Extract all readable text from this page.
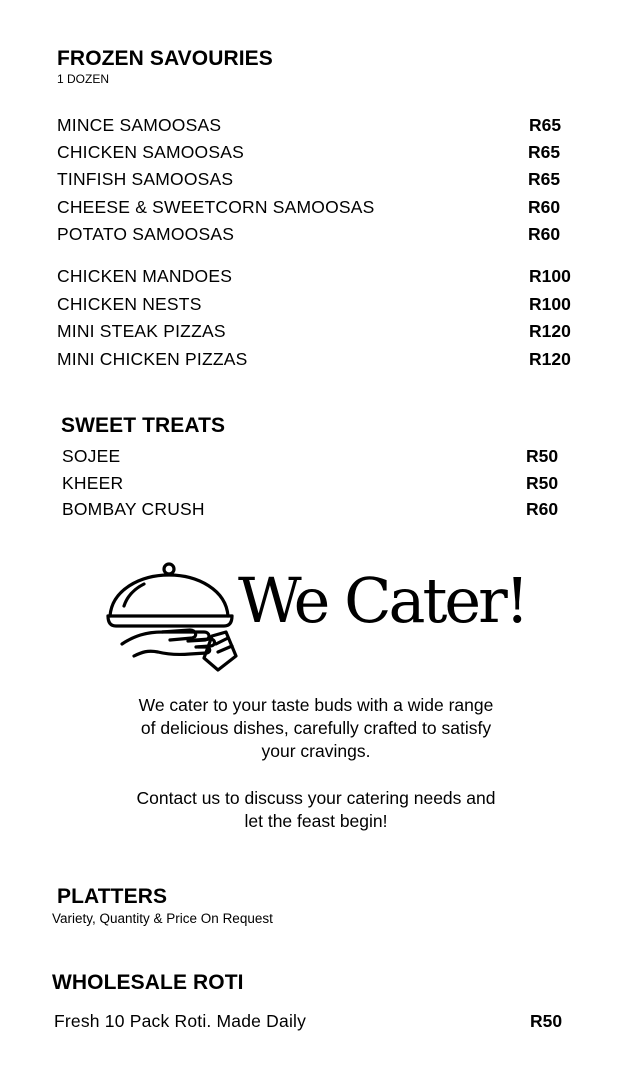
FROZEN SAVOURIES
1 DOZEN
MINCE SAMOOSAS	R65
CHICKEN SAMOOSAS	R65
TINFISH SAMOOSAS	R65
CHEESE & SWEETCORN SAMOOSAS	R60
POTATO SAMOOSAS	R60
CHICKEN MANDOES	R100
CHICKEN NESTS	R100
MINI STEAK PIZZAS	R120
MINI CHICKEN PIZZAS	R120
SWEET TREATS
SOJEE	R50
KHEER	R50
BOMBAY CRUSH	R60
We Cater!
We cater to your taste buds with a wide range
of delicious dishes, carefully crafted to satisfy
your cravings.
Contact us to discuss your catering needs and
let the feast begin!
PLATTERS
Variety, Quantity & Price On Request
WHOLESALE ROTI
Fresh 10 Pack Roti. Made Daily	R50
